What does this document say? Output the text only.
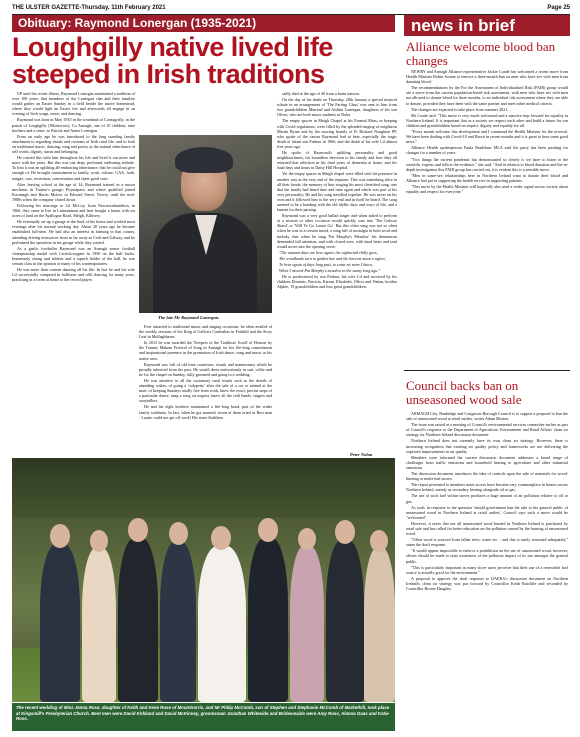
THE ULSTER GAZETTE-Thursday, 11th February 2021	Page 25
Obituary: Raymond Lonergan (1935-2021)
Loughgilly native lived life steeped in Irish traditions

UP until his recent illness, Raymond Lonergan maintained a tradition of over 100 years, that members of the Lonergan clan and their families would gather on Easter Sunday in a field beside the native homestead, where they would light an Easter fire and afterwards all engage in an evening of Irish songs, music and dancing.

Raymond was born in May 1935 in the townland of Cornagrally, in the parish of Loughgilly (Whitecross), Co Armagh, one of 10 children, nine brothers and a sister, to Patrick and Annie Lonergan.

From an early age he was introduced to the long standing family attachment to regarding rituals and customs of Irish rural life, and to look on traditional music, dancing, song and poetry as the natural inheritance of self worth, dignity, status and belonging.

He carried this with him throughout his life and lived it out more and more with the years. But this was one deep, profound, endearing attitude. To him it was an uplifting all-embracing inheritance, that he could not give enough of. He brought commitment to family, work, culture, GAA, faith, tongue, cars, recreation, conversation and sheer good craic.

After leaving school at the age of 14, Raymond trained as a motor mechanic in Trainor's garage, Poyntzpass, and where qualified joined Kavanagh and Harris Motors in Edward Street, Newry, until the mid-1980s when the company closed down.

Following his marriage to Lil McCoy, from Newtownhamilton, in 1960, they came to live in Lismummon and later bought a house with six acres of land on the Ayallogue Road, Meigh, Killeavy.

He eventually set up a garage at the back of his house and worked most evenings after his normal working day. About 20 years ago he became established full-time. He had also an interest in farming in that county, attending driving instructors from as far away as Cork and Galway, and he performed the operation in his garage while they waited.

As a gaelic footballer Raymond was an Armagh senior football championship medal with Carrickcruppen in 1950 on the half backs. Immensely strong and athletic and a superb fielder of the ball, he was certain class in the opinion of many of his contemporaries.

He was more than content dancing all his life. In fact he and his wife Lil successfully competed in ballroom and céilí dancing for many years, practising in a room at home to the record player.

Ever attracted to traditional music and singing occasions, he often availed of the weekly sessions of the King of Gallows Comhaltas in Forkhill and the Story Leaf in Mullaghbawn.

In 2012 he was awarded the 'Keepers of the Tradition' Scroll of Honour by the Tommy Makem Festival of Song in Armagh for his life-long commitment and inspirational presence in the promotion of Irish dance, song and music in his native area.

Raymond was full of old time courtesies, rituals and mannerisms which he proudly inherited from the past. He would dress meticulously in suit, collar and tie for the chapel on Sunday, fully groomed and going to a wedding.

He was attentive to all the customary rural rituals such as the details of attending wakes, of going a 'rodypetty' after the sale of a car or animal at the mart, of keeping Sundays totally free from work, knew the exact, precise steps of a particular dance, sang a song on request, knew all the ceili bands, singers and storytellers.

He and his eight brothers maintained a life-long bond, part of the wider family solidarity. In fact, when he got married, seven of them acted as Best man - Laurie could not get off work! His sister Kathleen

sadly died at the age of 40 from a brain tumour.

On the day of his death on Thursday, 28th January a special musical tribute in an arrangement of 'The Parting Glass' was sent to him from two grandchildren Mairead and Aislinn Lonergan, daughters of his son Oliver, who are both music students in Doha.

The empty spaces in Meigh Chapel at his Funeral Mass, in keeping with Covid regulations, were filled by the splendid singing of neighbour Martin Byrne and by the moving homily of Fr Richard Naughton PP, who spoke of the causes Raymond had to bear, especially the tragic death of infant son Finbarr in 1966, and the death of his wife Lil almost five years ago.

He spoke of Raymond's uplifting personality and good neighbourliness, his boundless devotion to his family and how they all returned that affection in his final years of dementia at home, and his final days and hours in Daisy Hill Hospital.

Yet the empty spaces in Meigh chapel were filled with his presence in another way at the very end of the requiem. This was something alive in all their heads, the memory of him singing his most cherished song, one that the family had heard time and time again and which was part of his very personality. He and his song travelled together. He was never on his own and it followed him to the very end and in itself he heard. The song seemed to be a bonding with the old idyllic days and ways of life, and a lament for their passing.

Raymond was a very good ballad singer and when asked to perform at a session or other occasion would quickly soar into 'The Galway Shawl' or 'Will Ye Go Lassie Go'. But this often sang was not so often when he was in a certain mood, a song full of nostalgia in both word and melody, that when he sang 'Pat Murphy's Meadow' his demeanour demanded full attention, and with closed eyes, with head heart and soul would move into the opening verse:

"The autumn days are here again, the nightwind chilly goes,

The woodlands turn to golden hue and the harvest moon's aglow,

To hear again of days long past, to come no more I know,

When I mowed Pat Murphy's meadow in the sunny long ago."

He is predeceased by son Finbarr, his wife Lil and survived by his children Dominic, Patricia, Kieran, Elizabeth, Oliver and Fintan, brother Alphie, 19 grandchildren and four great grandchildren.

The late Mr Raymond Lonergan.
Peter Nolan
The recent wedding of Miss Jenna Rose, daughter of Keith and Irene Rose of Mountnorris, and Mr Philip McComb, son of Stephen and Stephanie McComb of Markethill, took place at Kingsmill's Presbyterian Church. Best men were David Kirkland and David McKinney, groomsman Jonathan Whiteside and Bridesmaids were Amy Ross, Alanna Gaas and Katie Ross.
news in brief
Alliance welcome blood ban changes

NEWRY and Armagh Alliance representative Jackie Coade has welcomed a recent move from Health Minister Robin Swann to remove a three-month ban on men who have sex with men from donating blood.

The recommendations by the For the Assessment of Individualised Risk (FAIR) group would see a move from the current population-based risk assessment, with men who have sex with men not allowed to donate blood for three months, to an individual risk assessment where they are able to donate, provided they have been with the same partner and meet other medical criteria.

The changes are expected to take place from summer 2021.

Ms Coade said: "This move is very much welcomed and a massive step forward for equality in Northern Ireland. It is important that as a society we respect each other and build a future for our children and grandchildren based on respect, dignity and equality for all.

"Every month welcome this development and I commend the Health Minister for the reversal. We have been dealing with Covid-19 and Brexit in recent months and it is great to hear some good news."

Alliance Health spokesperson Paula Bradshaw MLA said the party has been pushing for changes for a number of years.

"Two things the current pandemic has demonstrated so clearly is we have to listen to the scientific experts and follow the evidence," she said. "And in relation to blood donation and the in-depth investigation this FAIR group has carried out, it is evident this is a sensible move.

"Men in same-sex relationships here in Northern Ireland want to donate their blood and Alliance had put in supporting the health service in supporting patients.

"This move by the Health Minister will hopefully also send a wider signal across society about equality and respect for everyone."

Council backs ban on unseasoned wood sale

ARMAGH City, Banbridge and Craigavon Borough Council is to support a proposal to ban the sale of unseasoned wood at retail outlets, writes Adam Morton.

The issue was raised at a meeting of Council's environmental services committee earlier as part of Council's response to the Department of Agriculture, Environment and Rural Affairs' clean air strategy for Northern Ireland discussion document.

Northern Ireland does not currently have its own clean air strategy. However, there is increasing recognition that existing air quality policy and frameworks are not delivering the expected improvements in air quality.

Members were informed the current discussion document addresses a broad range of challenges from traffic emissions and household heating to agriculture and other industrial emissions.

The discussion document introduces the idea of controls upon the sale of materials for wood-burning or multi-fuel stoves.

The report presented to members notes stoves have become very commonplace in homes across Northern Ireland, mainly as secondary heating alongside oil or gas.

The use of such fuel within stoves produces a huge amount of air pollution relative to oil or gas.

As such, in response to the question 'should government ban the sale to the general public of unseasoned wood in Northern Ireland at retail outlets', Council says such a move would be "welcomed".

However, it notes that not all unseasoned wood burned in Northern Ireland is purchased by retail sale and has called for better education on the pollution caused by the burning of unseasoned wood.

"Often wood is sourced from fallen trees, waste etc. - and this is rarely seasoned adequately," states the draft response.

"It would appear impossible to enforce a prohibition on the use of unseasoned wood, however, efforts should be made to raise awareness of the pollution impact of its use amongst the general public.

"This is particularly important as many stove users perceive that their use of a renewable fuel source is actually good for the environment."

A proposal to approve the draft response to DAERA's discussion document on Northern Ireland's clean air strategy was put forward by Councillor Keith Ratcliffe and seconded by Councillor Bronie Daughry.
